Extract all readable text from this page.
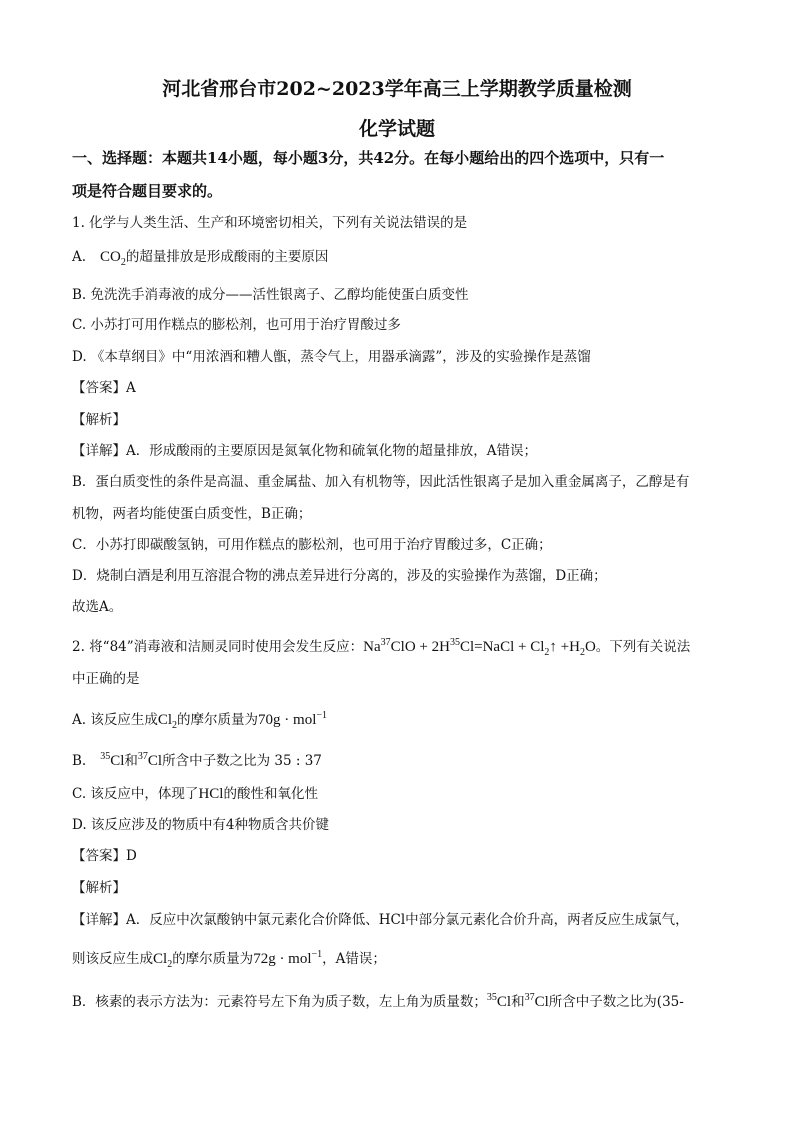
河北省邢台市202~2023学年高三上学期教学质量检测
化学试题
一、选择题：本题共14小题，每小题3分，共42分。在每小题给出的四个选项中，只有一
项是符合题目要求的。
1. 化学与人类生活、生产和环境密切相关，下列有关说法错误的是
A. $CO_2$的超量排放是形成酸雨的主要原因
B. 免洗洗手消毒液的成分——活性银离子、乙醇均能使蛋白质变性
C. 小苏打可用作糕点的膨松剂，也可用于治疗胃酸过多
D. 《本草纲目》中“用浓酒和糟人甑，蒸令气上，用器承滴露”，涉及的实验操作是蒸馏
【答案】A
【解析】
【详解】A．形成酸雨的主要原因是氮氧化物和硫氧化物的超量排放，A错误；
B．蛋白质变性的条件是高温、重金属盐、加入有机物等，因此活性银离子是加入重金属离子，乙醇是有
机物，两者均能使蛋白质变性，B正确；
C．小苏打即碳酸氢钠，可用作糕点的膨松剂，也可用于治疗胃酸过多，C正确；
D．烧制白酒是利用互溶混合物的沸点差异进行分离的，涉及的实验操作为蒸馏，D正确；
故选A。
2. 将“84”消毒液和洁厕灵同时使用会发生反应：$Na^{37}ClO$ + $2H^{35}Cl=NaCl$ + $Cl_2↑ +H_2O$。下列有关说法
中正确的是
A. 该反应生成$Cl_2$的摩尔质量为70g · mol$^{-1}$
B. $^{35}$Cl和$^{37}$Cl所含中子数之比为 35 : 37
C. 该反应中，体现了HCl的酸性和氧化性
D. 该反应涉及的物质中有4种物质含共价键
【答案】D
【解析】
【详解】A．反应中次氯酸钠中氯元素化合价降低、HCl中部分氯元素化合价升高，两者反应生成氯气，
则该反应生成$Cl_2$的摩尔质量为72g · mol$^{-1}$，A错误；
B．核素的表示方法为：元素符号左下角为质子数，左上角为质量数；$^{35}$Cl和$^{37}$Cl所含中子数之比为(35-
